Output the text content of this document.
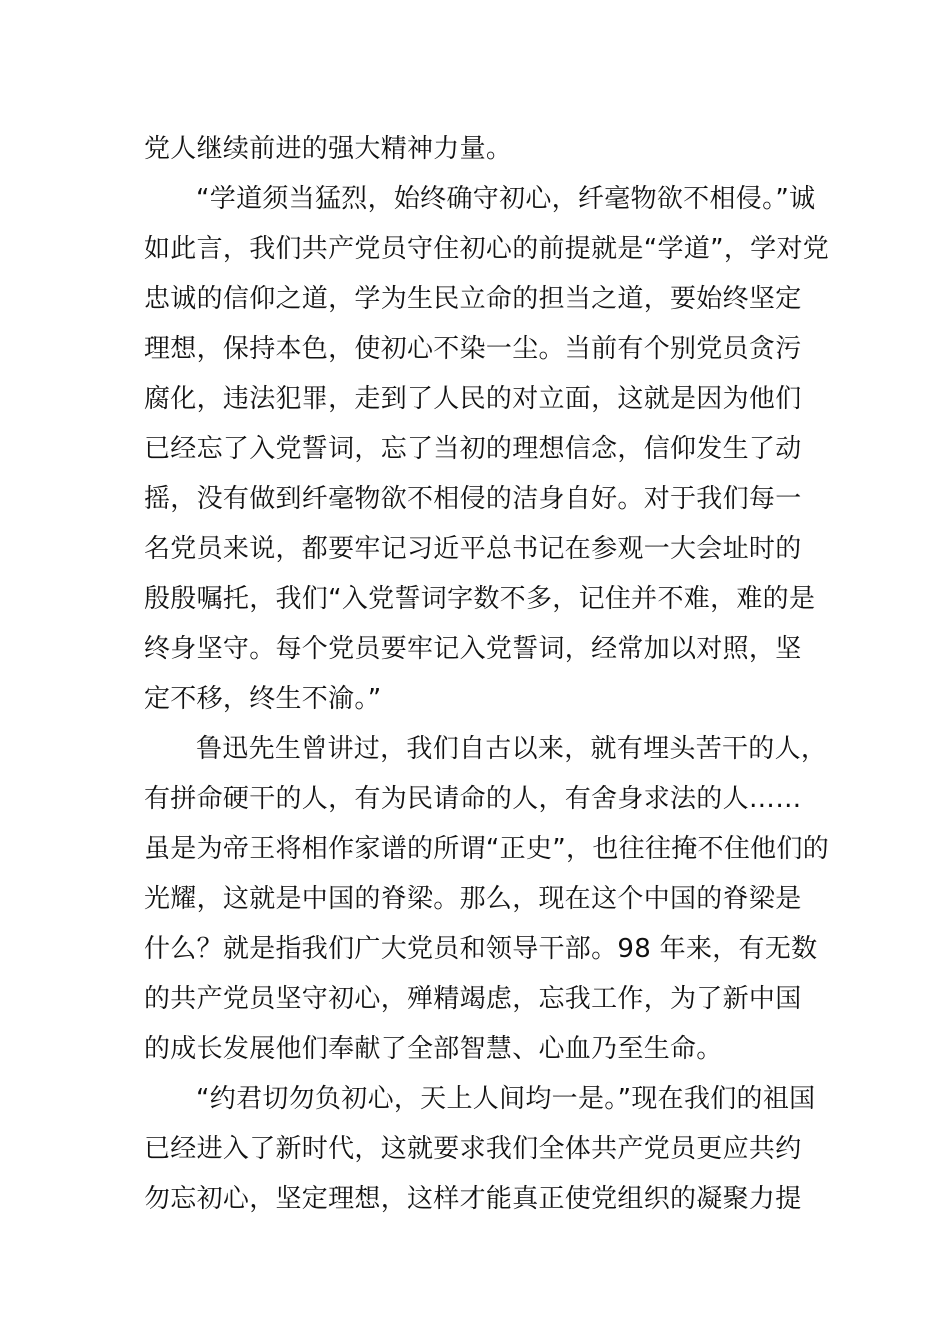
党人继续前进的强大精神力量。
“学道须当猛烈，始终确守初心，纤毫物欲不相侵。”诚
如此言，我们共产党员守住初心的前提就是“学道”，学对党
忠诚的信仰之道，学为生民立命的担当之道，要始终坚定
理想，保持本色，使初心不染一尘。当前有个别党员贪污
腐化，违法犯罪，走到了人民的对立面，这就是因为他们
已经忘了入党誓词，忘了当初的理想信念，信仰发生了动
摇，没有做到纤毫物欲不相侵的洁身自好。对于我们每一
名党员来说，都要牢记习近平总书记在参观一大会址时的
殷殷嘱托，我们“入党誓词字数不多，记住并不难，难的是
终身坚守。每个党员要牢记入党誓词，经常加以对照，坚
定不移，终生不渝。”
鲁迅先生曾讲过，我们自古以来，就有埋头苦干的人，
有拼命硬干的人，有为民请命的人，有舍身求法的人……
虽是为帝王将相作家谱的所谓“正史”，也往往掩不住他们的
光耀，这就是中国的脊梁。那么，现在这个中国的脊梁是
什么？就是指我们广大党员和领导干部。98 年来，有无数
的共产党员坚守初心，殚精竭虑，忘我工作，为了新中国
的成长发展他们奉献了全部智慧、心血乃至生命。
“约君切勿负初心，天上人间均一是。”现在我们的祖国
已经进入了新时代，这就要求我们全体共产党员更应共约
勿忘初心，坚定理想，这样才能真正使党组织的凝聚力提
